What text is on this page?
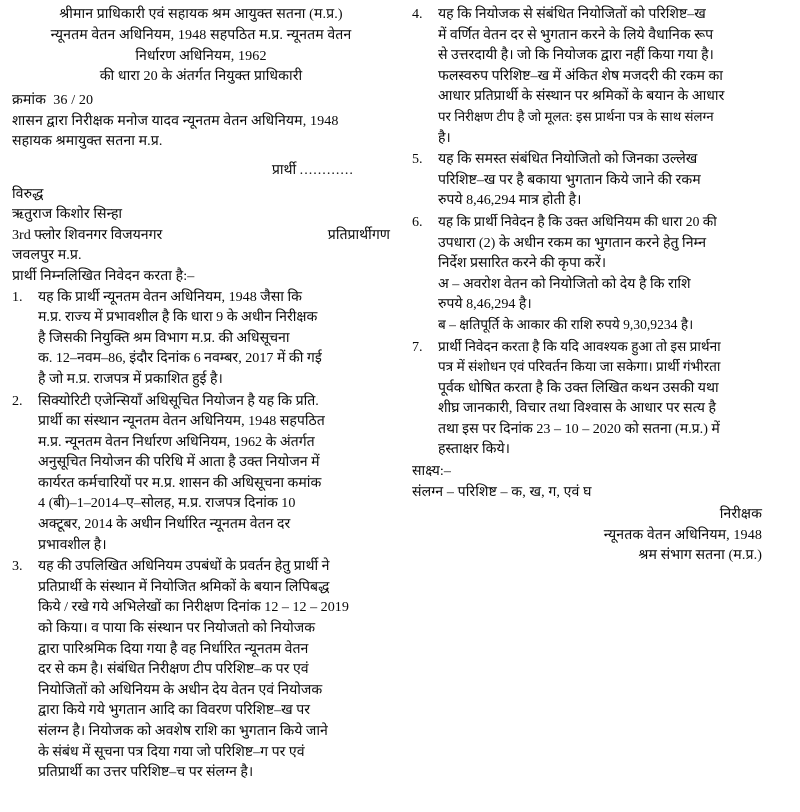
श्रीमान प्राधिकारी एवं सहायक श्रम आयुक्त सतना (म.प्र.)
न्यूनतम वेतन अधिनियम, 1948 सहपठित म.प्र. न्यूनतम वेतन
निर्धारण अधिनियम, 1962
की धारा 20 के अंतर्गत नियुक्त प्राधिकारी
क्रमांक 36 / 20
शासन द्वारा निरीक्षक मनोज यादव न्यूनतम वेतन अधिनियम, 1948
सहायक श्रमायुक्त सतना म.प्र.

प्रार्थी ............
विरुद्ध
ऋतुराज किशोर सिन्हा
3rd फ्लोर शिवनगर विजयनगर	प्रतिप्रार्थीगण
जवलपुर म.प्र.
प्रार्थी निम्नलिखित निवेदन करता है:–
1.	यह कि प्रार्थी न्यूनतम वेतन अधिनियम, 1948 जैसा कि
म.प्र. राज्य में प्रभावशील है कि धारा 9 के अधीन निरीक्षक
है जिसकी नियुक्ति श्रम विभाग म.प्र. की अधिसूचना
क. 12–नवम–86, इंदौर दिनांक 6 नवम्बर, 2017 में की गई
है जो म.प्र. राजपत्र में प्रकाशित हुई है।
2.	सिक्योरिटी एजेन्सियाँ अधिसूचित नियोजन है यह कि प्रति.
प्रार्थी का संस्थान न्यूनतम वेतन अधिनियम, 1948 सहपठित
म.प्र. न्यूनतम वेतन निर्धारण अधिनियम, 1962 के अंतर्गत
अनुसूचित नियोजन की परिधि में आता है उक्त नियोजन में
कार्यरत कर्मचारियों पर म.प्र. शासन की अधिसूचना कमांक
4 (बी)–1–2014–ए–सोलह, म.प्र. राजपत्र दिनांक 10
अक्टूबर, 2014 के अधीन निर्धारित न्यूनतम वेतन दर
प्रभावशील है।
3.	यह की उपलिखित अधिनियम उपबंधों के प्रवर्तन हेतु प्रार्थी ने
प्रतिप्रार्थी के संस्थान में नियोजित श्रमिकों के बयान लिपिबद्ध
किये / रखे गये अभिलेखों का निरीक्षण दिनांक 12 – 12 – 2019
को किया। व पाया कि संस्थान पर नियोजतो को नियोजक
द्वारा पारिश्रमिक दिया गया है वह निर्धारित न्यूनतम वेतन
दर से कम है। संबंधित निरीक्षण टीप परिशिष्ट–क पर एवं
नियोजितों को अधिनियम के अधीन देय वेतन एवं नियोजक
द्वारा किये गये भुगतान आदि का विवरण परिशिष्ट–ख पर
संलग्न है। नियोजक को अवशेष राशि का भुगतान किये जाने
के संबंध में सूचना पत्र दिया गया जो परिशिष्ट–ग पर एवं
प्रतिप्रार्थी का उत्तर परिशिष्ट–च पर संलग्न है।
4.	यह कि नियोजक से संबंधित नियोजितों को परिशिष्ट–ख
में वर्णित वेतन दर से भुगतान करने के लिये वैधानिक रूप
से उत्तरदायी है। जो कि नियोजक द्वारा नहीं किया गया है।
फलस्वरुप परिशिष्ट–ख में अंकित शेष मजदरी की रकम का
आधार प्रतिप्रार्थी के संस्थान पर श्रमिकों के बयान के आधार
पर निरीक्षण टीप है जो मूलत: इस प्रार्थना पत्र के साथ संलग्न
है।
5.	यह कि समस्त संबंधित नियोजितो को जिनका उल्लेख
परिशिष्ट–ख पर है बकाया भुगतान किये जाने की रकम
रुपये 8,46,294 मात्र होती है।
6.	यह कि प्रार्थी निवेदन है कि उक्त अधिनियम की धारा 20 की
उपधारा (2) के अधीन रकम का भुगतान करने हेतु निम्न
निर्देश प्रसारित करने की कृपा करें।
अ – अवरोश वेतन को नियोजितो को देय है कि राशि
रुपये 8,46,294 है।
ब – क्षतिपूर्ति के आकार की राशि रुपये 9,30,9234 है।
7.	प्रार्थी निवेदन करता है कि यदि आवश्यक हुआ तो इस प्रार्थना
पत्र में संशोधन एवं परिवर्तन किया जा सकेगा। प्रार्थी गंभीरता
पूर्वक धोषित करता है कि उक्त लिखित कथन उसकी यथा
शीघ्र जानकारी, विचार तथा विश्वास के आधार पर सत्य है
तथा इस पर दिनांक 23 – 10 – 2020 को सतना (म.प्र.) में
हस्ताक्षर किये।
साक्ष्य:–
संलग्न – परिशिष्ट – क, ख, ग, एवं घ
निरीक्षक
न्यूनतक वेतन अधिनियम, 1948
श्रम संभाग सतना (म.प्र.)
